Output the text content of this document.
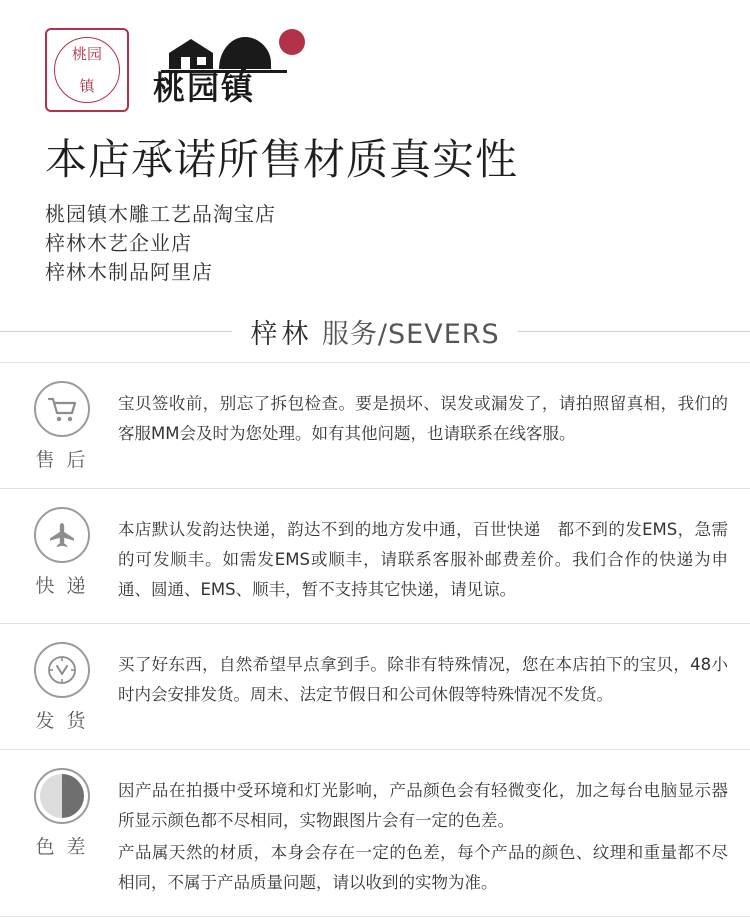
桃园
镇	桃园镇
本店承诺所售材质真实性
桃园镇木雕工艺品淘宝店
梓林木艺企业店
梓林木制品阿里店
梓林 服务/SEVERS
售 后

宝贝签收前，别忘了拆包检查。要是损坏、误发或漏发了，请拍照留真相，我们的客服MM会及时为您处理。如有其他问题，也请联系在线客服。

快 递

本店默认发韵达快递，韵达不到的地方发中通，百世快递　都不到的发EMS，急需的可发顺丰。如需发EMS或顺丰，请联系客服补邮费差价。我们合作的快递为申通、圆通、EMS、顺丰，暂不支持其它快递，请见谅。

发 货

买了好东西，自然希望早点拿到手。除非有特殊情况，您在本店拍下的宝贝，48小时内会安排发货。周末、法定节假日和公司休假等特殊情况不发货。

色 差

因产品在拍摄中受环境和灯光影响，产品颜色会有轻微变化，加之每台电脑显示器所显示颜色都不尽相同，实物跟图片会有一定的色差。

产品属天然的材质，本身会存在一定的色差，每个产品的颜色、纹理和重量都不尽相同，不属于产品质量问题，请以收到的实物为准。
